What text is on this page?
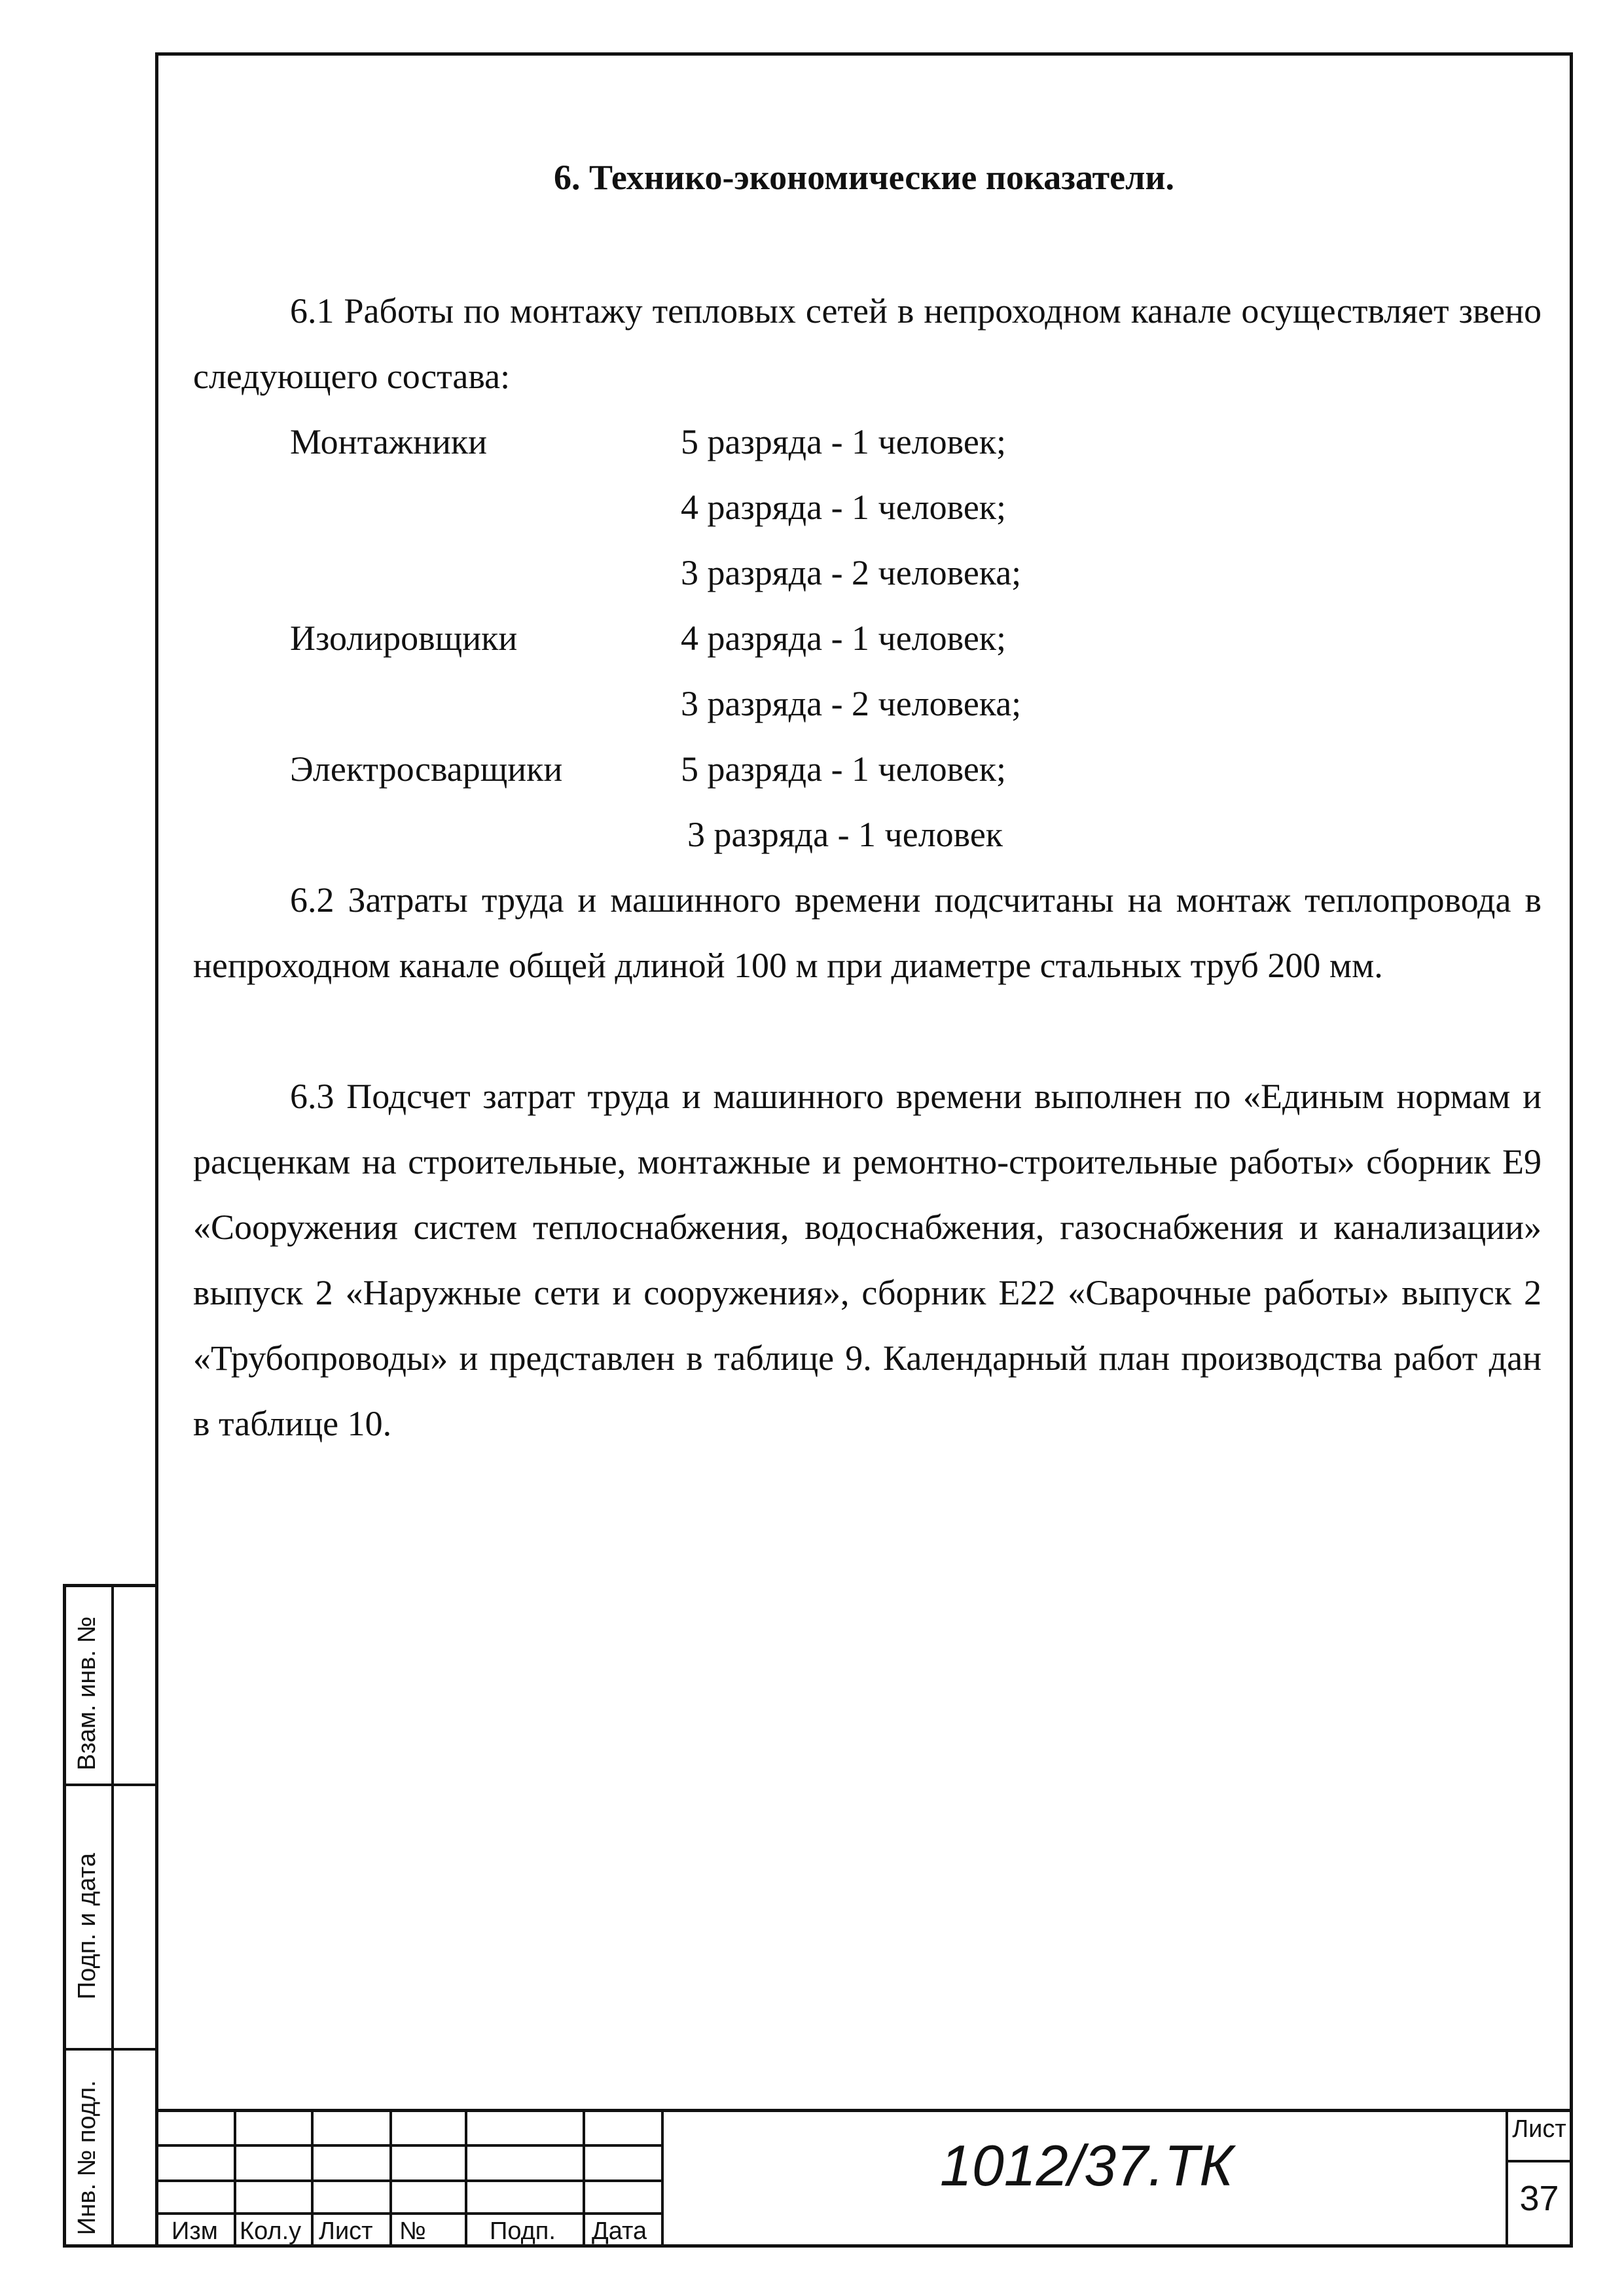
6. Технико-экономические показатели.

6.1 Работы по монтажу тепловых сетей в непроходном канале осуществляет звено следующего состава:

Монтажники	5 разряда - 1 человек;
4 разряда - 1 человек;
3 разряда - 2 человека;
Изолировщики	4 разряда - 1 человек;
3 разряда - 2 человека;
Электросварщики	5 разряда - 1 человек;
3 разряда - 1 человек

6.2 Затраты труда и машинного времени подсчитаны на монтаж теплопровода в непроходном канале общей длиной 100 м при диаметре стальных труб 200 мм.

6.3 Подсчет затрат труда и машинного времени выполнен по «Единым нормам и расценкам на строительные, монтажные и ремонтно-строительные работы» сборник Е9 «Сооружения систем теплоснабжения, водоснабжения, газоснабжения и канализации» выпуск 2 «Наружные сети и сооружения», сборник Е22 «Сварочные работы» выпуск 2 «Трубопроводы» и представлен в таблице 9. Календарный план производства работ дан в таблице 10.

Взам. инв. №
Подп. и дата
Инв. № подл.	Изм Кол.у Лист №	Подп. Дата
1012/37.ТК
Лист
37
